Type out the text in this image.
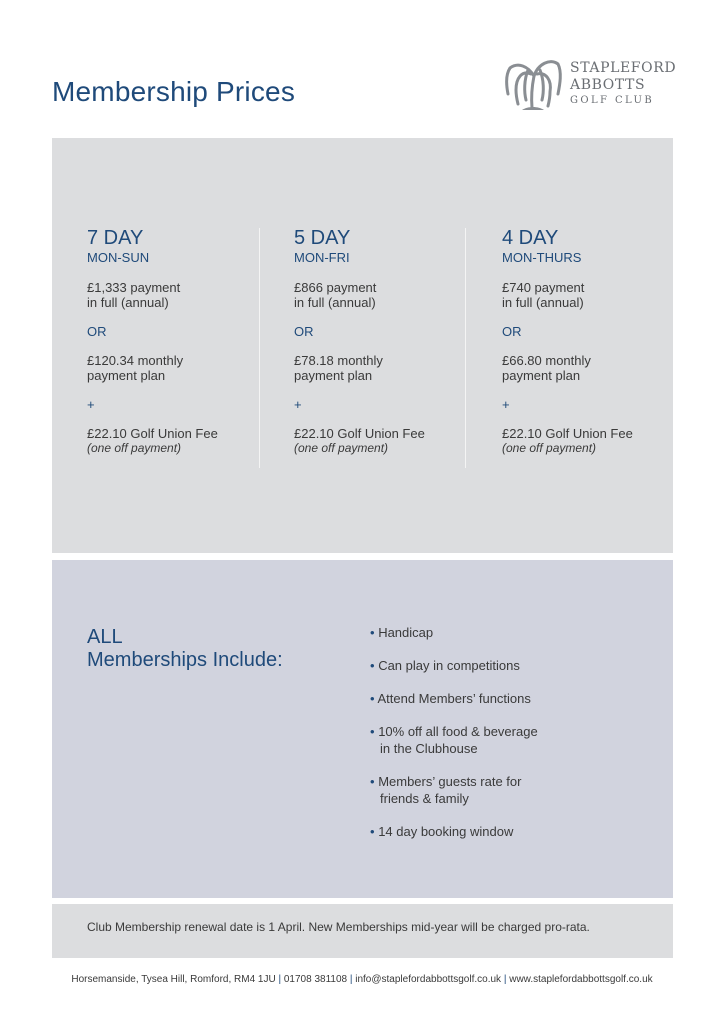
Membership Prices
STAPLEFORD
ABBOTTS
GOLF CLUB
7 DAY
MON-SUN
£1,333 payment
in full (annual)
OR
£120.34 monthly
payment plan
+
£22.10 Golf Union Fee
(one off payment)
5 DAY
MON-FRI
£866 payment
in full (annual)
OR
£78.18 monthly
payment plan
+
£22.10 Golf Union Fee
(one off payment)
4 DAY
MON-THURS
£740 payment
in full (annual)
OR
£66.80 monthly
payment plan
+
£22.10 Golf Union Fee
(one off payment)
ALL
Memberships Include:
• Handicap
• Can play in competitions
• Attend Members’ functions
• 10% off all food & beverage
in the Clubhouse
• Members’ guests rate for
friends & family
• 14 day booking window
Club Membership renewal date is 1 April. New Memberships mid-year will be charged pro-rata.
Horsemanside, Tysea Hill, Romford, RM4 1JU | 01708 381108 | info@staplefordabbottsgolf.co.uk | www.staplefordabbottsgolf.co.uk
